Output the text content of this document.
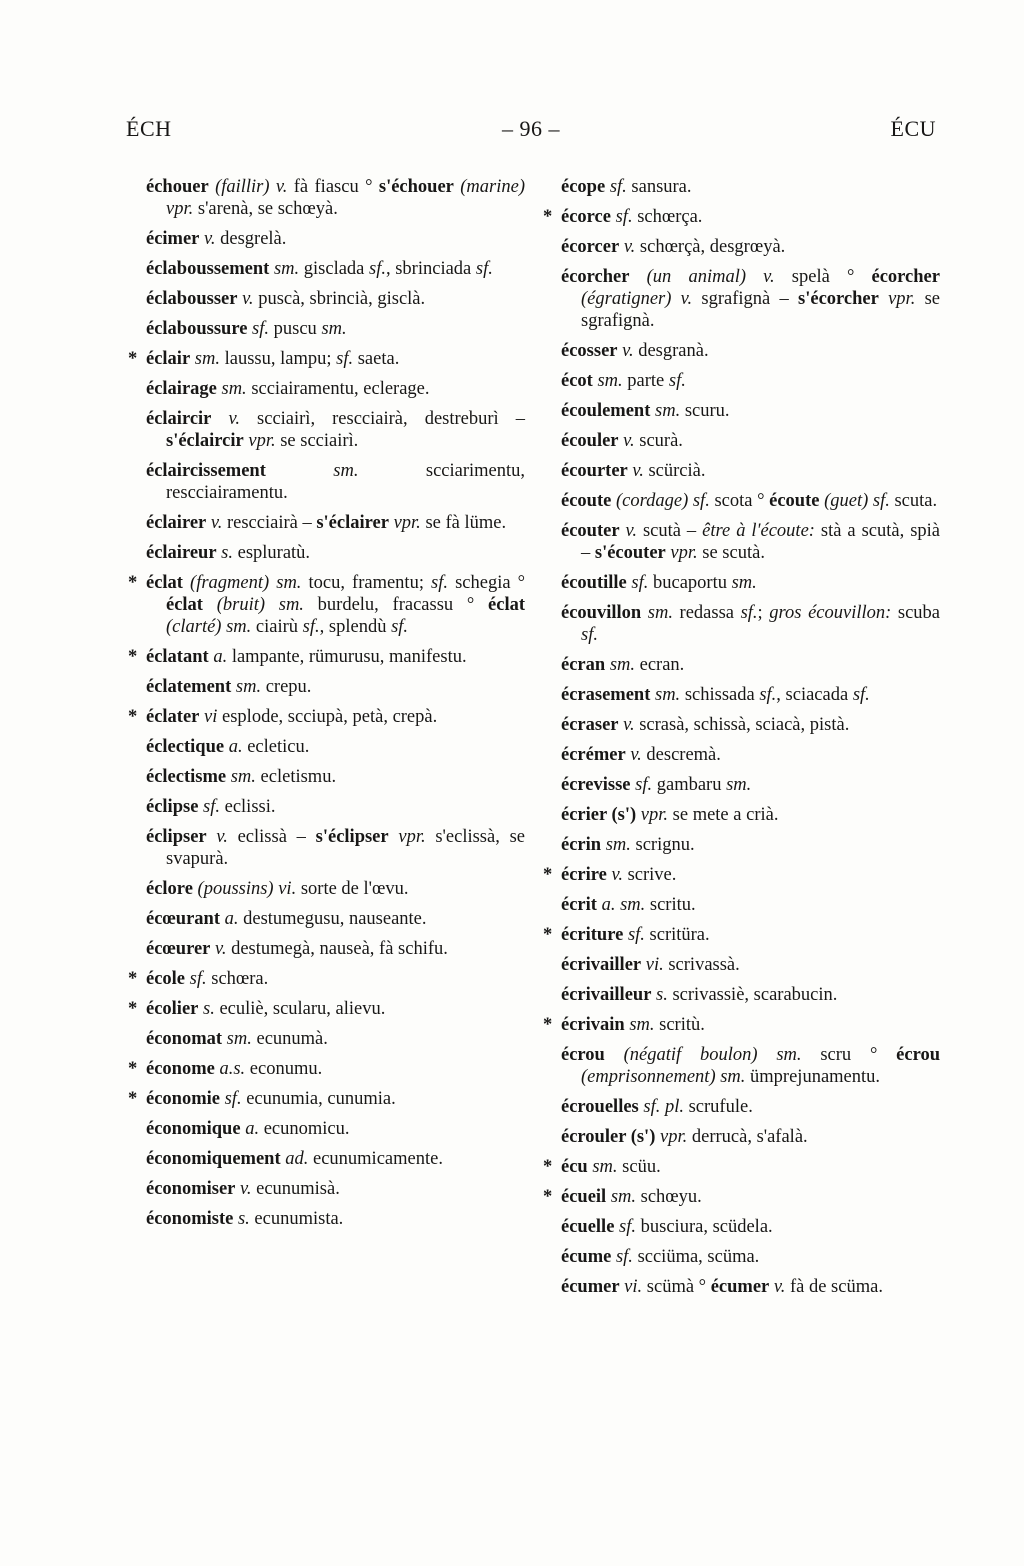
ÉCH	– 96 –	ÉCU

échouer (faillir) v. fà fiascu ° s'échouer (marine) vpr. s'arenà, se schœyà.

écimer v. desgrelà.

éclaboussement sm. gisclada sf., sbrinciada sf.

éclabousser v. puscà, sbrincià, gisclà.

éclaboussure sf. puscu sm.

* éclair sm. laussu, lampu; sf. saeta.

éclairage sm. scciairamentu, eclerage.

éclaircir v. scciairì, rescciairà, destreburì – s'éclaircir vpr. se scciairì.

éclaircissement sm. scciarimentu, rescciairamentu.

éclairer v. rescciairà – s'éclairer vpr. se fà lüme.

éclaireur s. espluratù.

* éclat (fragment) sm. tocu, framentu; sf. schegia ° éclat (bruit) sm. burdelu, fracassu ° éclat (clarté) sm. ciairù sf., splendù sf.

* éclatant a. lampante, rümurusu, manifestu.

éclatement sm. crepu.

* éclater vi esplode, scciupà, petà, crepà.

éclectique a. ecleticu.

éclectisme sm. ecletismu.

éclipse sf. eclissi.

éclipser v. eclissà – s'éclipser vpr. s'eclissà, se svapurà.

éclore (poussins) vi. sorte de l'œvu.

écœurant a. destumegusu, nauseante.

écœurer v. destumegà, nauseà, fà schifu.

* école sf. schœra.

* écolier s. eculiè, scularu, alievu.

économat sm. ecunumà.

* économe a.s. econumu.

* économie sf. ecunumia, cunumia.

économique a. ecunomicu.

économiquement ad. ecunumicamente.

économiser v. ecunumisà.

économiste s. ecunumista.

écope sf. sansura.

* écorce sf. schœrça.

écorcer v. schœrçà, desgrœyà.

écorcher (un animal) v. spelà ° écorcher (égratigner) v. sgrafignà – s'écorcher vpr. se sgrafignà.

écosser v. desgranà.

écot sm. parte sf.

écoulement sm. scuru.

écouler v. scurà.

écourter v. scürcià.

écoute (cordage) sf. scota ° écoute (guet) sf. scuta.

écouter v. scutà – être à l'écoute: stà a scutà, spià – s'écouter vpr. se scutà.

écoutille sf. bucaportu sm.

écouvillon sm. redassa sf.; gros écouvillon: scuba sf.

écran sm. ecran.

écrasement sm. schissada sf., sciacada sf.

écraser v. scrasà, schissà, sciacà, pistà.

écrémer v. descremà.

écrevisse sf. gambaru sm.

écrier (s') vpr. se mete a crià.

écrin sm. scrignu.

* écrire v. scrive.

écrit a. sm. scritu.

* écriture sf. scritüra.

écrivailler vi. scrivassà.

écrivailleur s. scrivassiè, scarabucin.

* écrivain sm. scritù.

écrou (négatif boulon) sm. scru ° écrou (emprisonnement) sm. ümprejunamentu.

écrouelles sf. pl. scrufule.

écrouler (s') vpr. derrucà, s'afalà.

* écu sm. scüu.

* écueil sm. schœyu.

écuelle sf. busciura, scüdela.

écume sf. scciüma, scüma.

écumer vi. scümà ° écumer v. fà de scüma.
